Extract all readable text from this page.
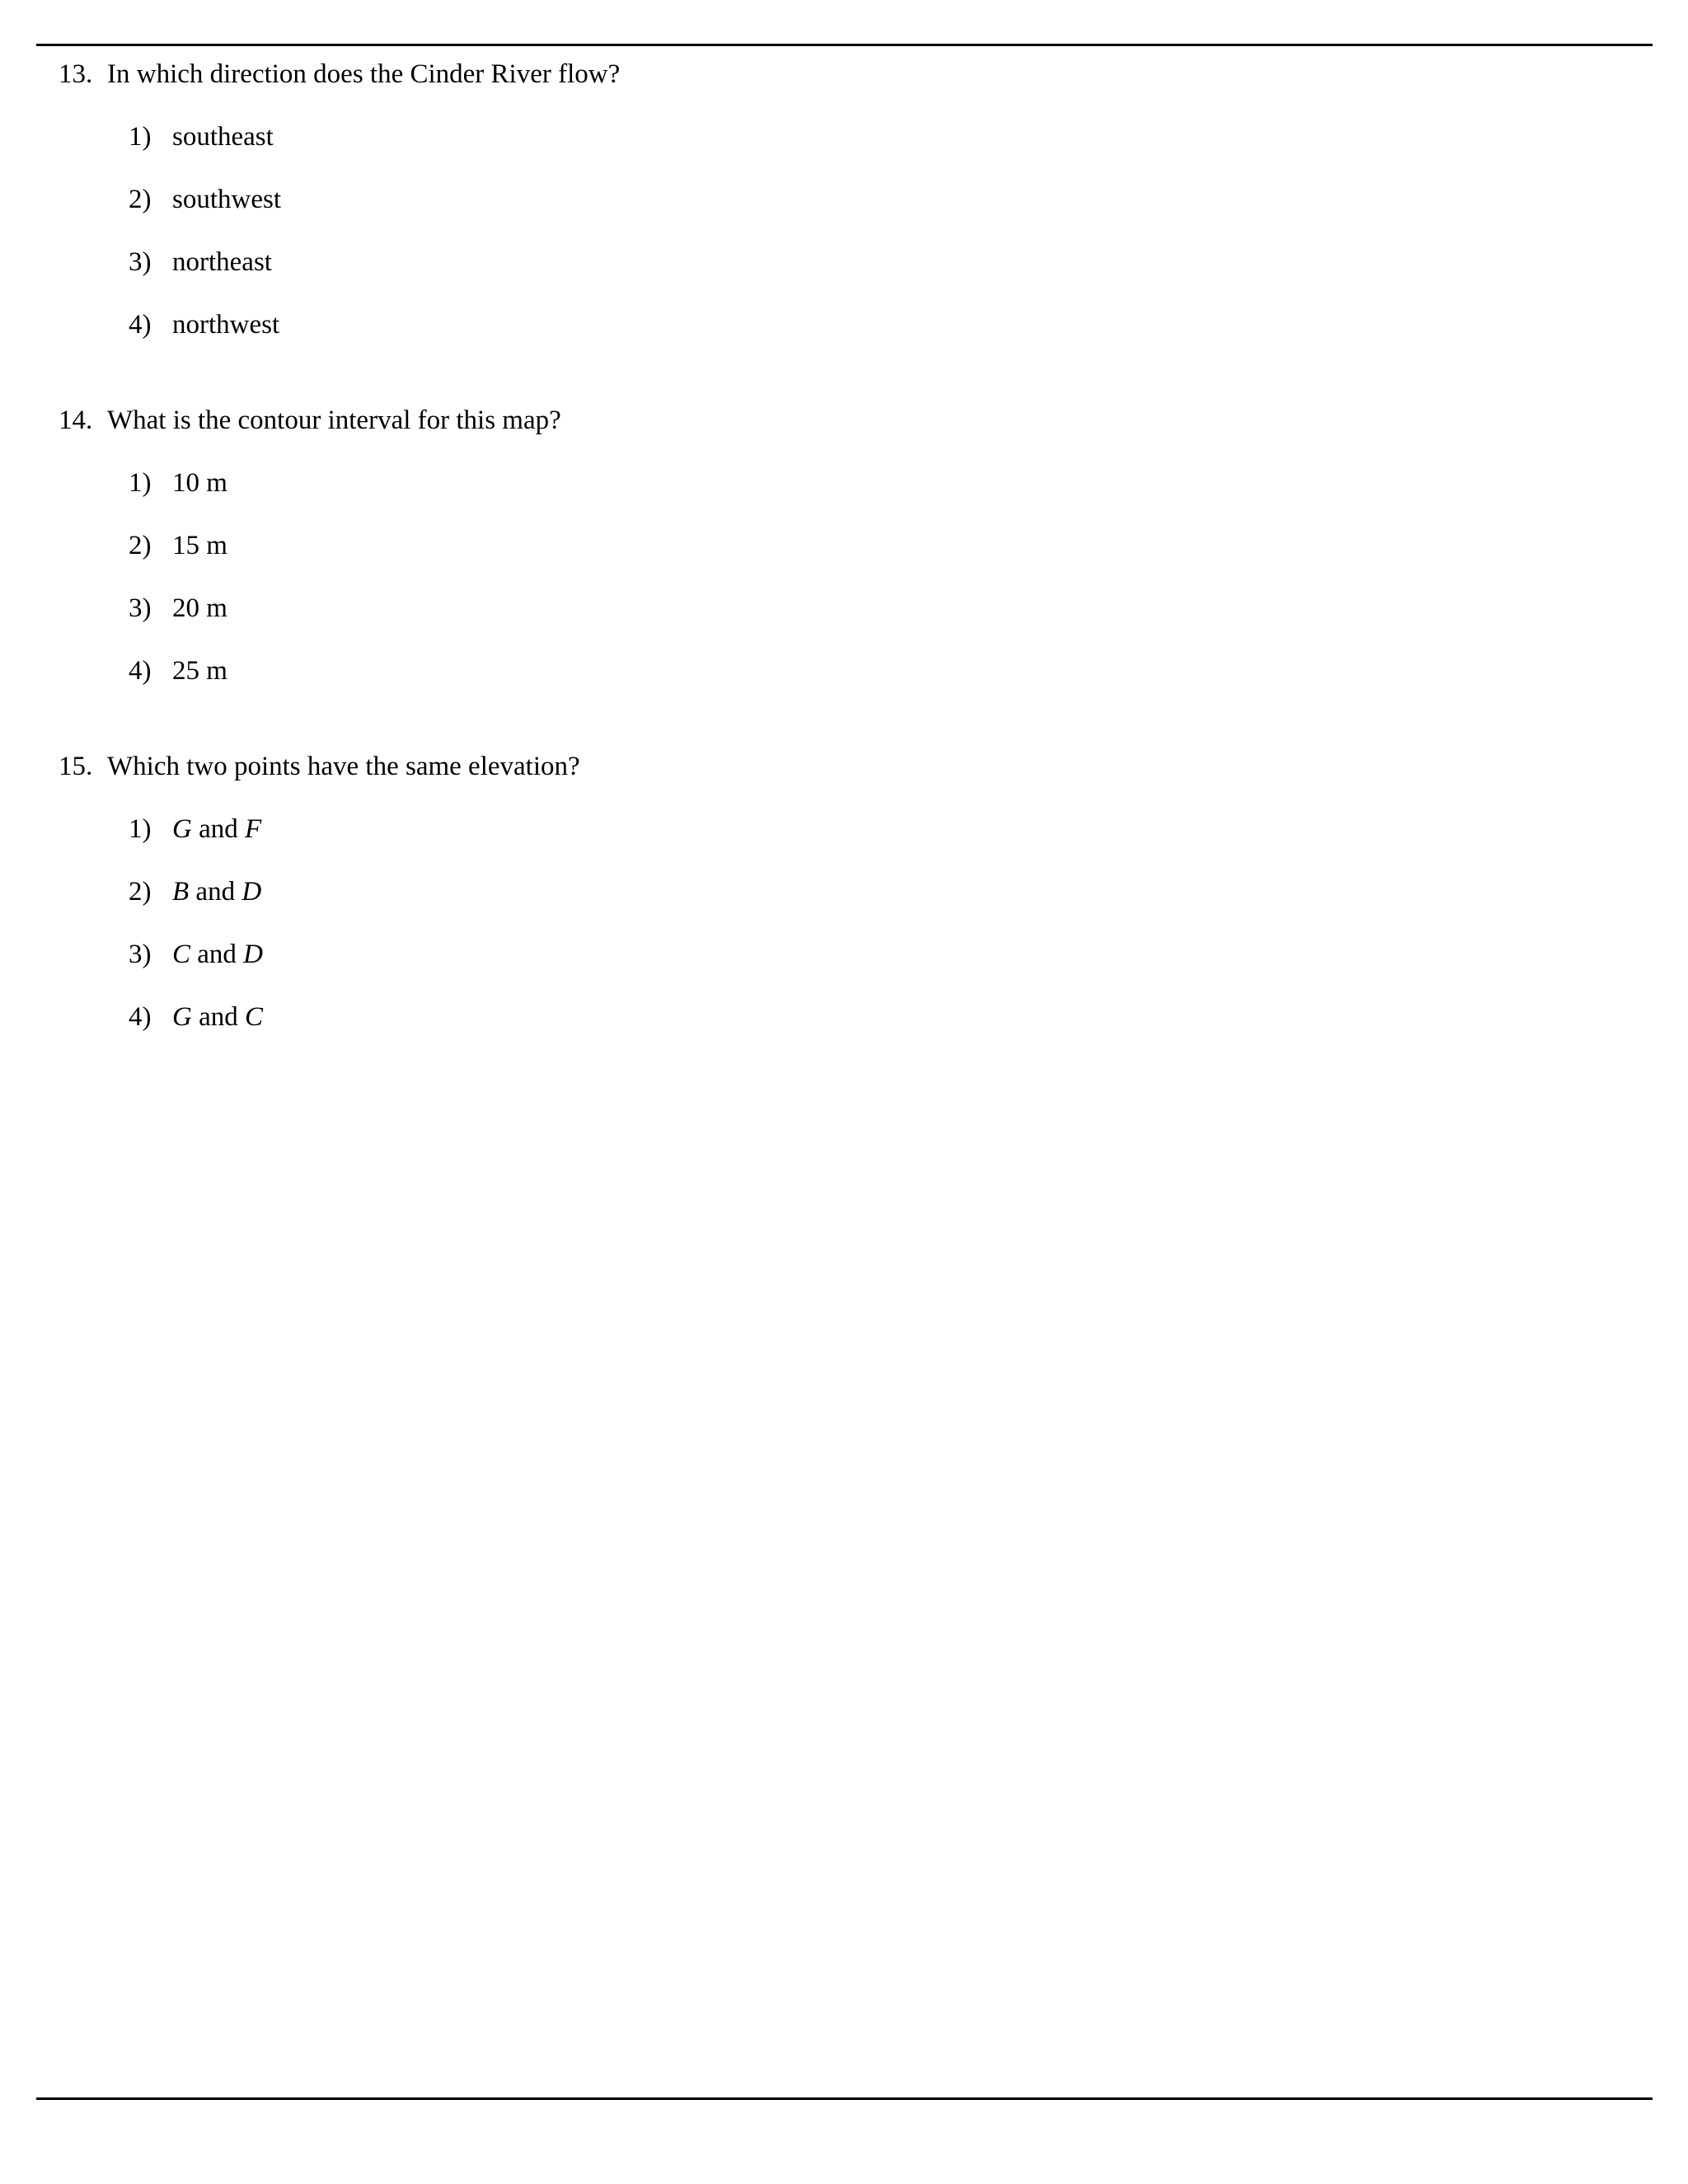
13. In which direction does the Cinder River flow?
1) southeast
2) southwest
3) northeast
4) northwest
14. What is the contour interval for this map?
1) 10 m
2) 15 m
3) 20 m
4) 25 m
15. Which two points have the same elevation?
1) G and F
2) B and D
3) C and D
4) G and C
